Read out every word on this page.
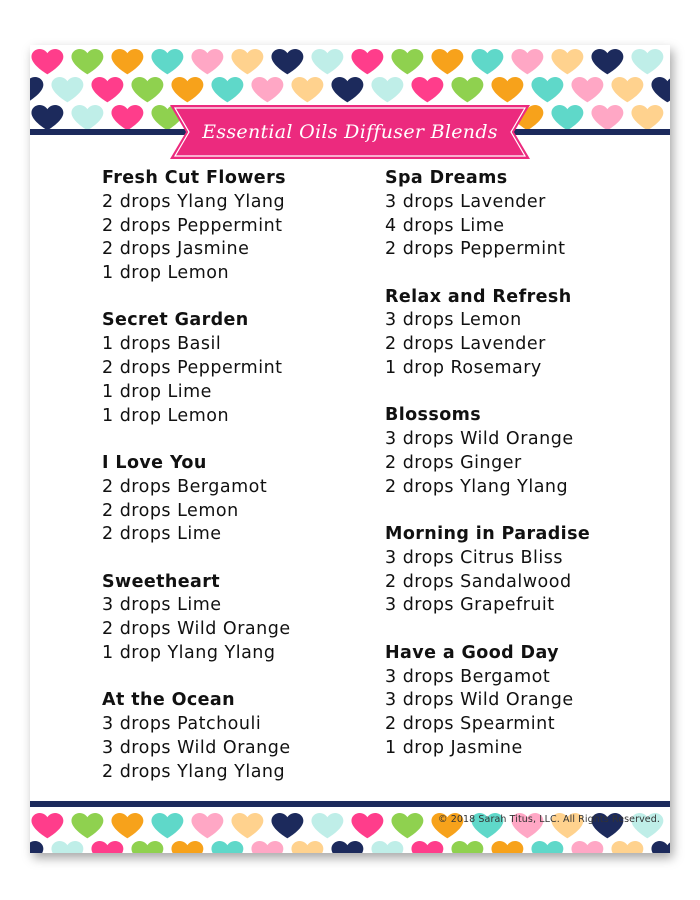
Essential Oils Diffuser Blends
Fresh Cut Flowers
2 drops Ylang Ylang
2 drops Peppermint
2 drops Jasmine
1 drop Lemon
Secret Garden
1 drops Basil
2 drops Peppermint
1 drop Lime
1 drop Lemon
I Love You
2 drops Bergamot
2 drops Lemon
2 drops Lime
Sweetheart
3 drops Lime
2 drops Wild Orange
1 drop Ylang Ylang
At the Ocean
3 drops Patchouli
3 drops Wild Orange
2 drops Ylang Ylang
Spa Dreams
3 drops Lavender
4 drops Lime
2 drops Peppermint
Relax and Refresh
3 drops Lemon
2 drops Lavender
1 drop Rosemary
Blossoms
3 drops Wild Orange
2 drops Ginger
2 drops Ylang Ylang
Morning in Paradise
3 drops Citrus Bliss
2 drops Sandalwood
3 drops Grapefruit
Have a Good Day
3 drops Bergamot
3 drops Wild Orange
2 drops Spearmint
1 drop Jasmine
© 2018 Sarah Titus, LLC. All Rights Reserved.
